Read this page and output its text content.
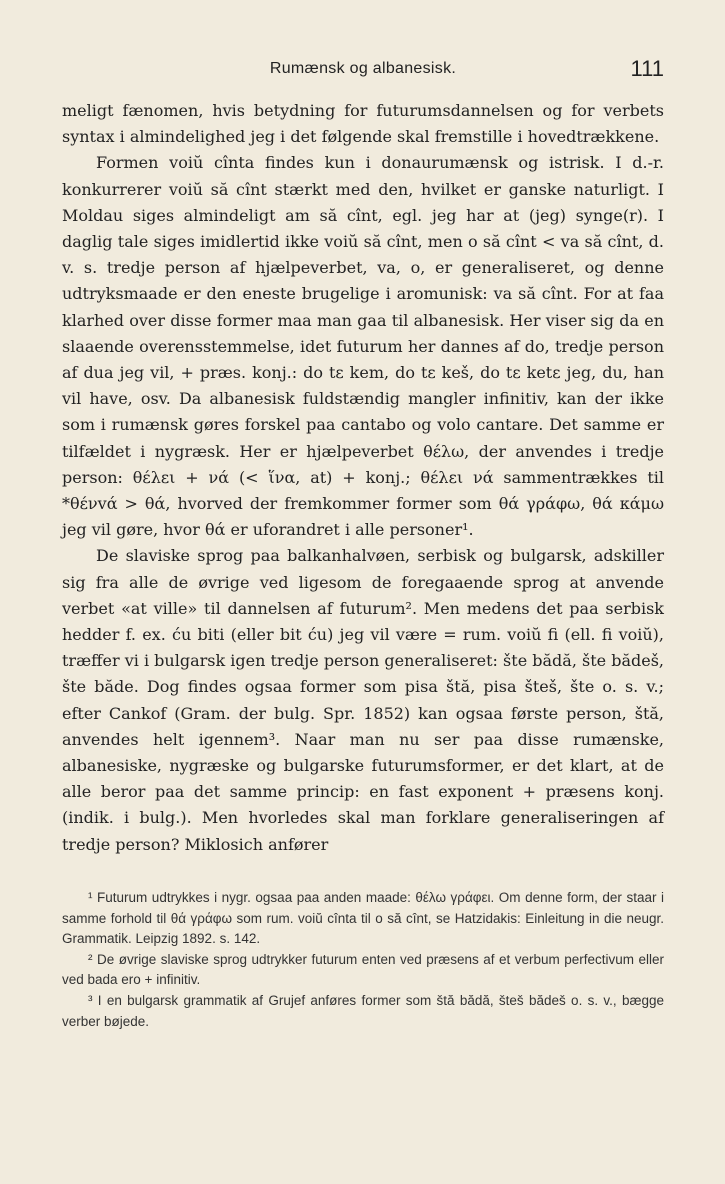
Rumænsk og albanesisk.	111

meligt fænomen, hvis betydning for futurumsdannelsen og for verbets syntax i almindelighed jeg i det følgende skal fremstille i hovedtrækkene.

Formen voiŭ cînta findes kun i donaurumænsk og istrisk. I d.-r. konkurrerer voiŭ să cînt stærkt med den, hvilket er ganske naturligt. I Moldau siges almindeligt am să cînt, egl. jeg har at (jeg) synge(r). I daglig tale siges imidlertid ikke voiŭ să cînt, men o să cînt < va să cînt, d. v. s. tredje person af hjælpeverbet, va, o, er generaliseret, og denne udtryksmaade er den eneste brugelige i aromunisk: va să cînt. For at faa klarhed over disse former maa man gaa til albanesisk. Her viser sig da en slaaende overensstemmelse, idet futurum her dannes af do, tredje person af dua jeg vil, + præs. konj.: do tε kem, do tε keš, do tε ketε jeg, du, han vil have, osv. Da albanesisk fuldstændig mangler infinitiv, kan der ikke som i rumænsk gøres forskel paa cantabo og volo cantare. Det samme er tilfældet i nygræsk. Her er hjælpeverbet θέλω, der anvendes i tredje person: θέλει + νά (< ἵνα, at) + konj.; θέλει νά sammentrækkes til *θένvά > θά, hvorved der fremkommer former som θά γράφω, θά κάμω jeg vil gøre, hvor θά er uforandret i alle personer¹.

De slaviske sprog paa balkanhalvøen, serbisk og bulgarsk, adskiller sig fra alle de øvrige ved ligesom de foregaaende sprog at anvende verbet «at ville» til dannelsen af futurum². Men medens det paa serbisk hedder f. ex. ću biti (eller bit ću) jeg vil være = rum. voiŭ fi (ell. fi voiŭ), træffer vi i bulgarsk igen tredje person generaliseret: šte bădă, šte bădeš, šte băde. Dog findes ogsaa former som pisa štă, pisa šteš, šte o. s. v.; efter Cankof (Gram. der bulg. Spr. 1852) kan ogsaa første person, štă, anvendes helt igennem³. Naar man nu ser paa disse rumænske, albanesiske, nygræske og bulgarske futurumsformer, er det klart, at de alle beror paa det samme princip: en fast exponent + præsens konj. (indik. i bulg.). Men hvorledes skal man forklare generaliseringen af tredje person? Miklosich anfører

¹ Futurum udtrykkes i nygr. ogsaa paa anden maade: θέλω γράφει. Om denne form, der staar i samme forhold til θά γράφω som rum. voiŭ cînta til o să cînt, se Hatzidakis: Einleitung in die neugr. Grammatik. Leipzig 1892. s. 142.

² De øvrige slaviske sprog udtrykker futurum enten ved præsens af et verbum perfectivum eller ved bada ero + infinitiv.

³ I en bulgarsk grammatik af Grujef anføres former som štă bădă, šteš bădeš o. s. v., bægge verber bøjede.
